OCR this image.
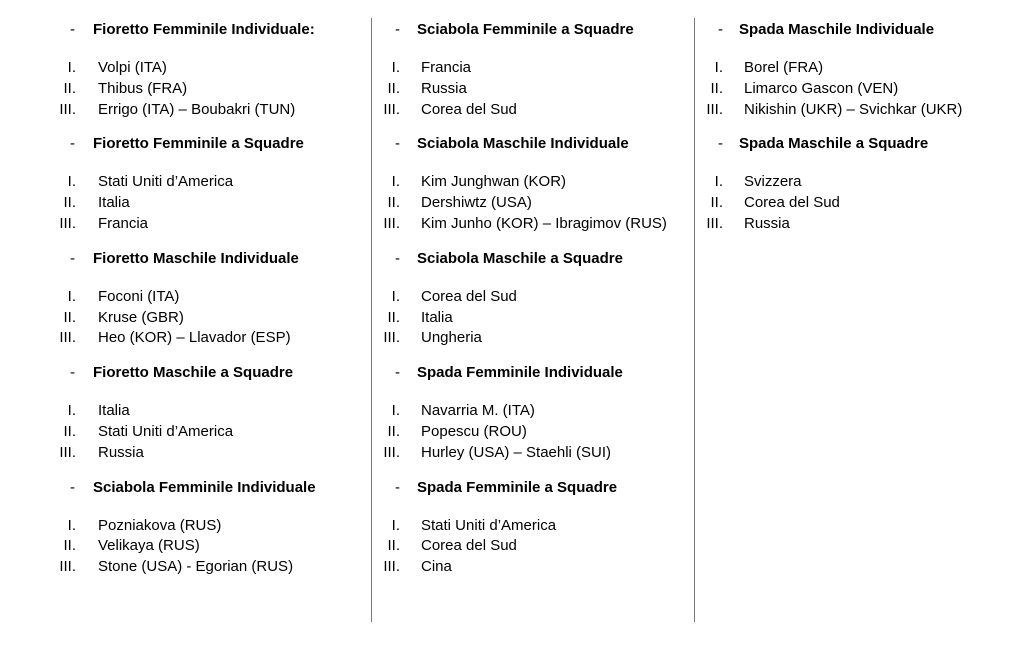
- Fioretto Femminile Individuale:
I. Volpi (ITA)
II. Thibus (FRA)
III. Errigo (ITA) – Boubakri (TUN)
- Fioretto Femminile a Squadre
I. Stati Uniti d’America
II. Italia
III. Francia
- Fioretto Maschile Individuale
I. Foconi (ITA)
II. Kruse (GBR)
III. Heo (KOR) – Llavador (ESP)
- Fioretto Maschile a Squadre
I. Italia
II. Stati Uniti d’America
III. Russia
- Sciabola Femminile Individuale
I. Pozniakova (RUS)
II. Velikaya (RUS)
III. Stone (USA) - Egorian (RUS)
- Sciabola Femminile a Squadre
I. Francia
II. Russia
III. Corea del Sud
- Sciabola Maschile Individuale
I. Kim Junghwan (KOR)
II. Dershiwtz (USA)
III. Kim Junho (KOR) – Ibragimov (RUS)
- Sciabola Maschile a Squadre
I. Corea del Sud
II. Italia
III. Ungheria
- Spada Femminile Individuale
I. Navarria M. (ITA)
II. Popescu (ROU)
III. Hurley (USA) – Staehli (SUI)
- Spada Femminile a Squadre
I. Stati Uniti d’America
II. Corea del Sud
III. Cina
- Spada Maschile Individuale
I. Borel (FRA)
II. Limarco Gascon (VEN)
III. Nikishin (UKR) – Svichkar (UKR)
- Spada Maschile a Squadre
I. Svizzera
II. Corea del Sud
III. Russia
